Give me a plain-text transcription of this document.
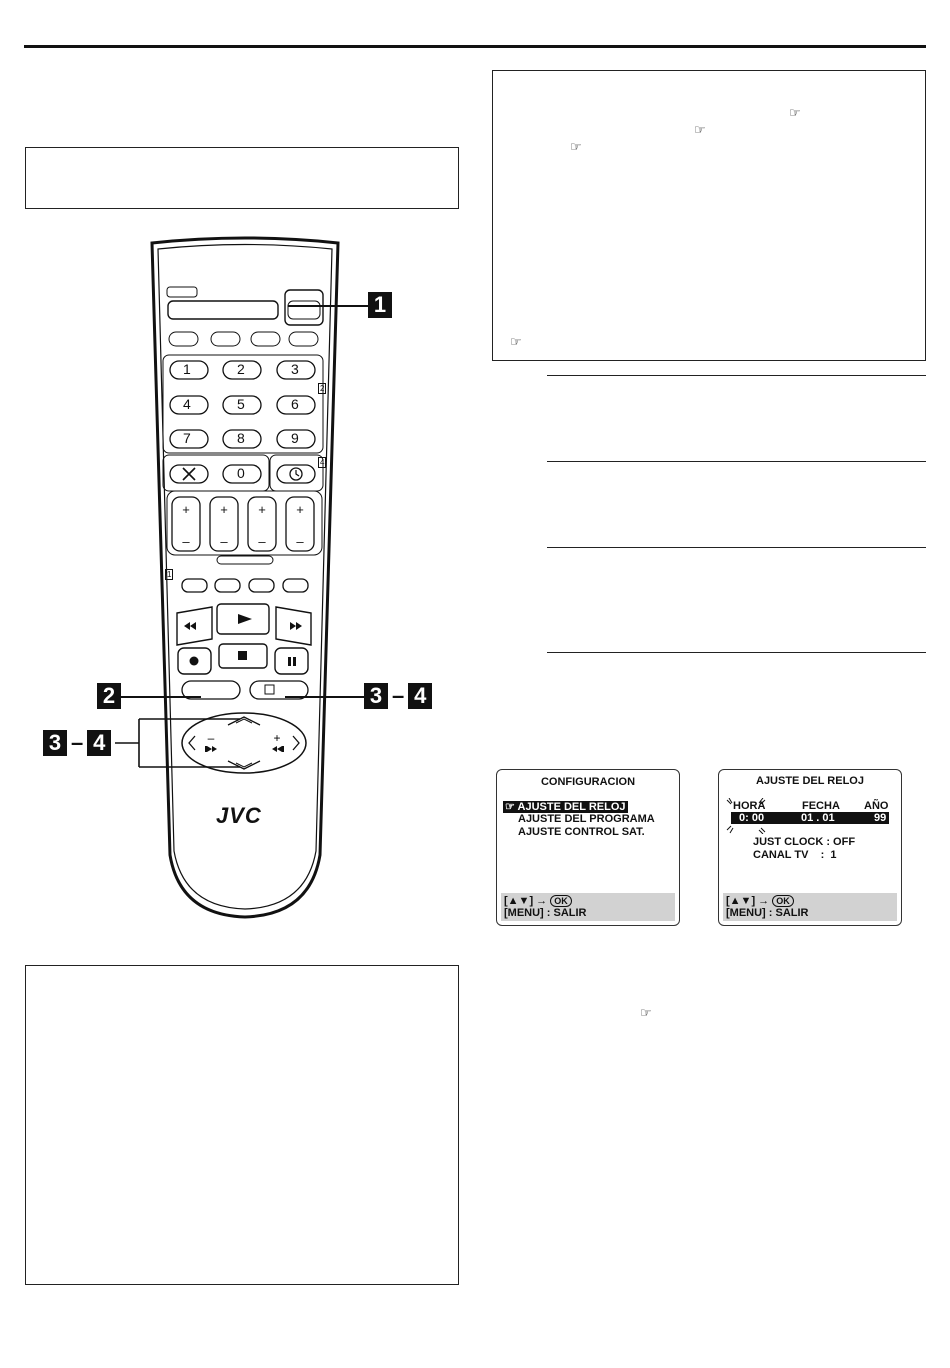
☞
☞
☞
☞
☞
–	+
+
–
+
–
+
–
+
–
1	2	3
4	5	6
7	8	9
0
2
4
1
JVC
1
2	3 – 4
3 – 4
CONFIGURACION
☞ AJUSTE DEL RELOJ
AJUSTE DEL PROGRAMA
AJUSTE CONTROL SAT.
[▲▼] → OK
[MENU] : SALIR
AJUSTE DEL RELOJ
HORA	FECHA AÑO
0: 00	01 . 01	99
JUST CLOCK : OFF
CANAL TV    :  1
[▲▼] → OK
[MENU] : SALIR
